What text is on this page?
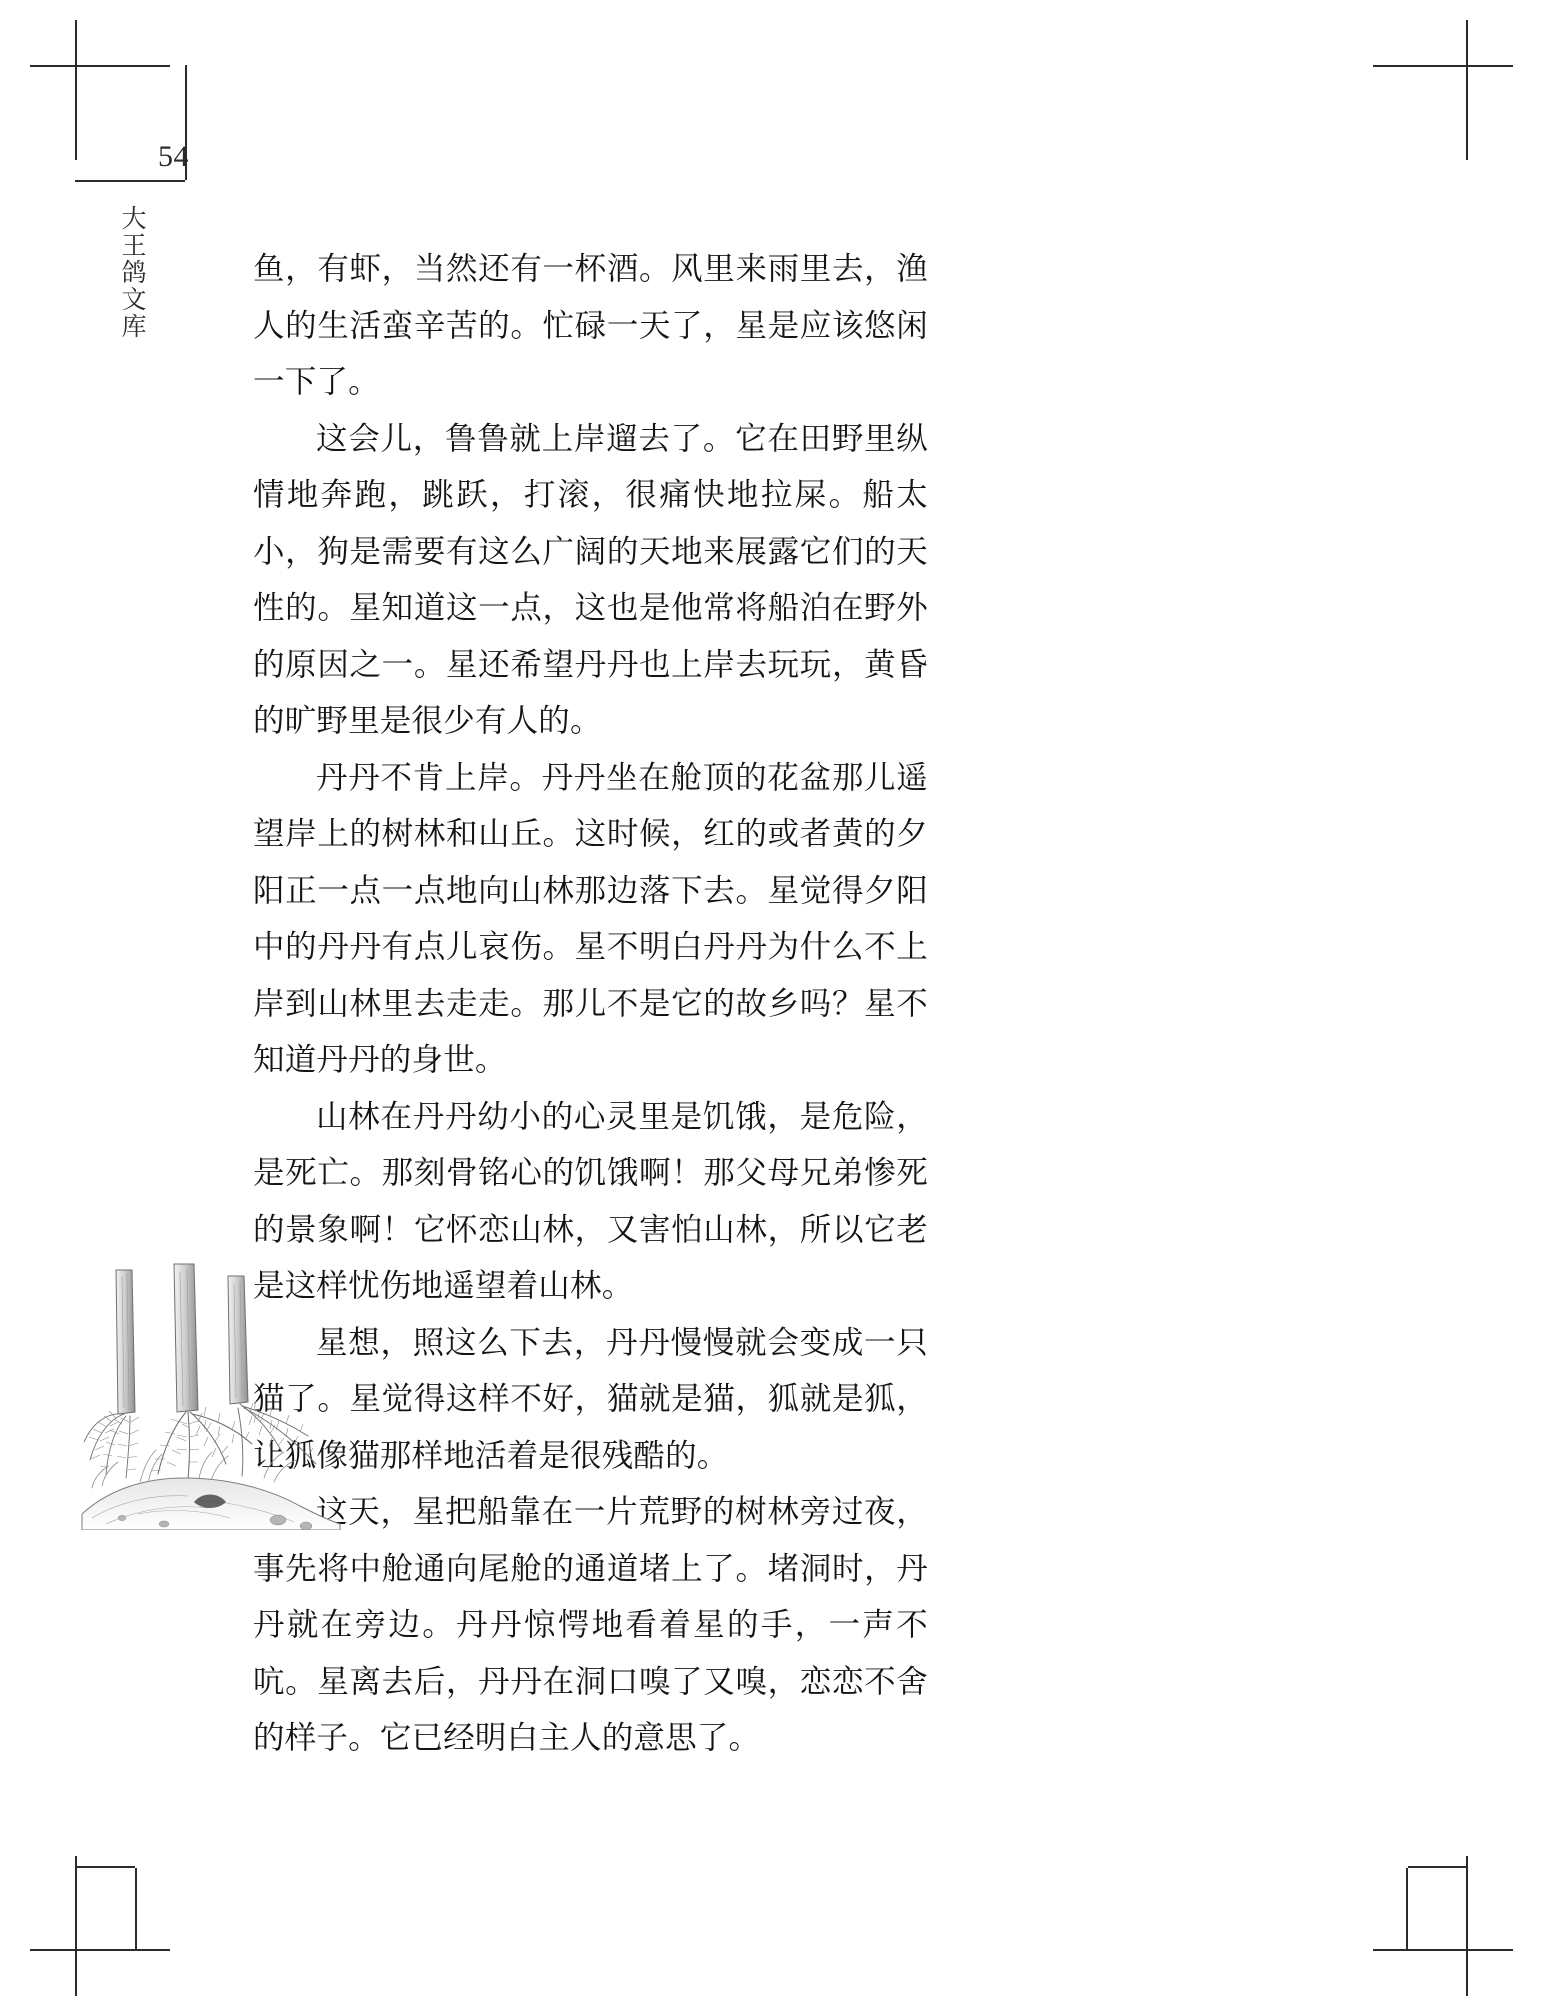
54
大王鸽文库	鱼，有虾，当然还有一杯酒。风里来雨里去，渔人的生活蛮辛苦的。忙碌一天了，星是应该悠闲一下了。

这会儿，鲁鲁就上岸遛去了。它在田野里纵情地奔跑，跳跃，打滚，很痛快地拉屎。船太小，狗是需要有这么广阔的天地来展露它们的天性的。星知道这一点，这也是他常将船泊在野外的原因之一。星还希望丹丹也上岸去玩玩，黄昏的旷野里是很少有人的。

丹丹不肯上岸。丹丹坐在舱顶的花盆那儿遥望岸上的树林和山丘。这时候，红的或者黄的夕阳正一点一点地向山林那边落下去。星觉得夕阳中的丹丹有点儿哀伤。星不明白丹丹为什么不上岸到山林里去走走。那儿不是它的故乡吗？星不知道丹丹的身世。

山林在丹丹幼小的心灵里是饥饿，是危险，是死亡。那刻骨铭心的饥饿啊！那父母兄弟惨死的景象啊！它怀恋山林，又害怕山林，所以它老是这样忧伤地遥望着山林。

星想，照这么下去，丹丹慢慢就会变成一只猫了。星觉得这样不好，猫就是猫，狐就是狐，让狐像猫那样地活着是很残酷的。

这天，星把船靠在一片荒野的树林旁过夜，事先将中舱通向尾舱的通道堵上了。堵洞时，丹丹就在旁边。丹丹惊愕地看着星的手，一声不吭。星离去后，丹丹在洞口嗅了又嗅，恋恋不舍的样子。它已经明白主人的意思了。
